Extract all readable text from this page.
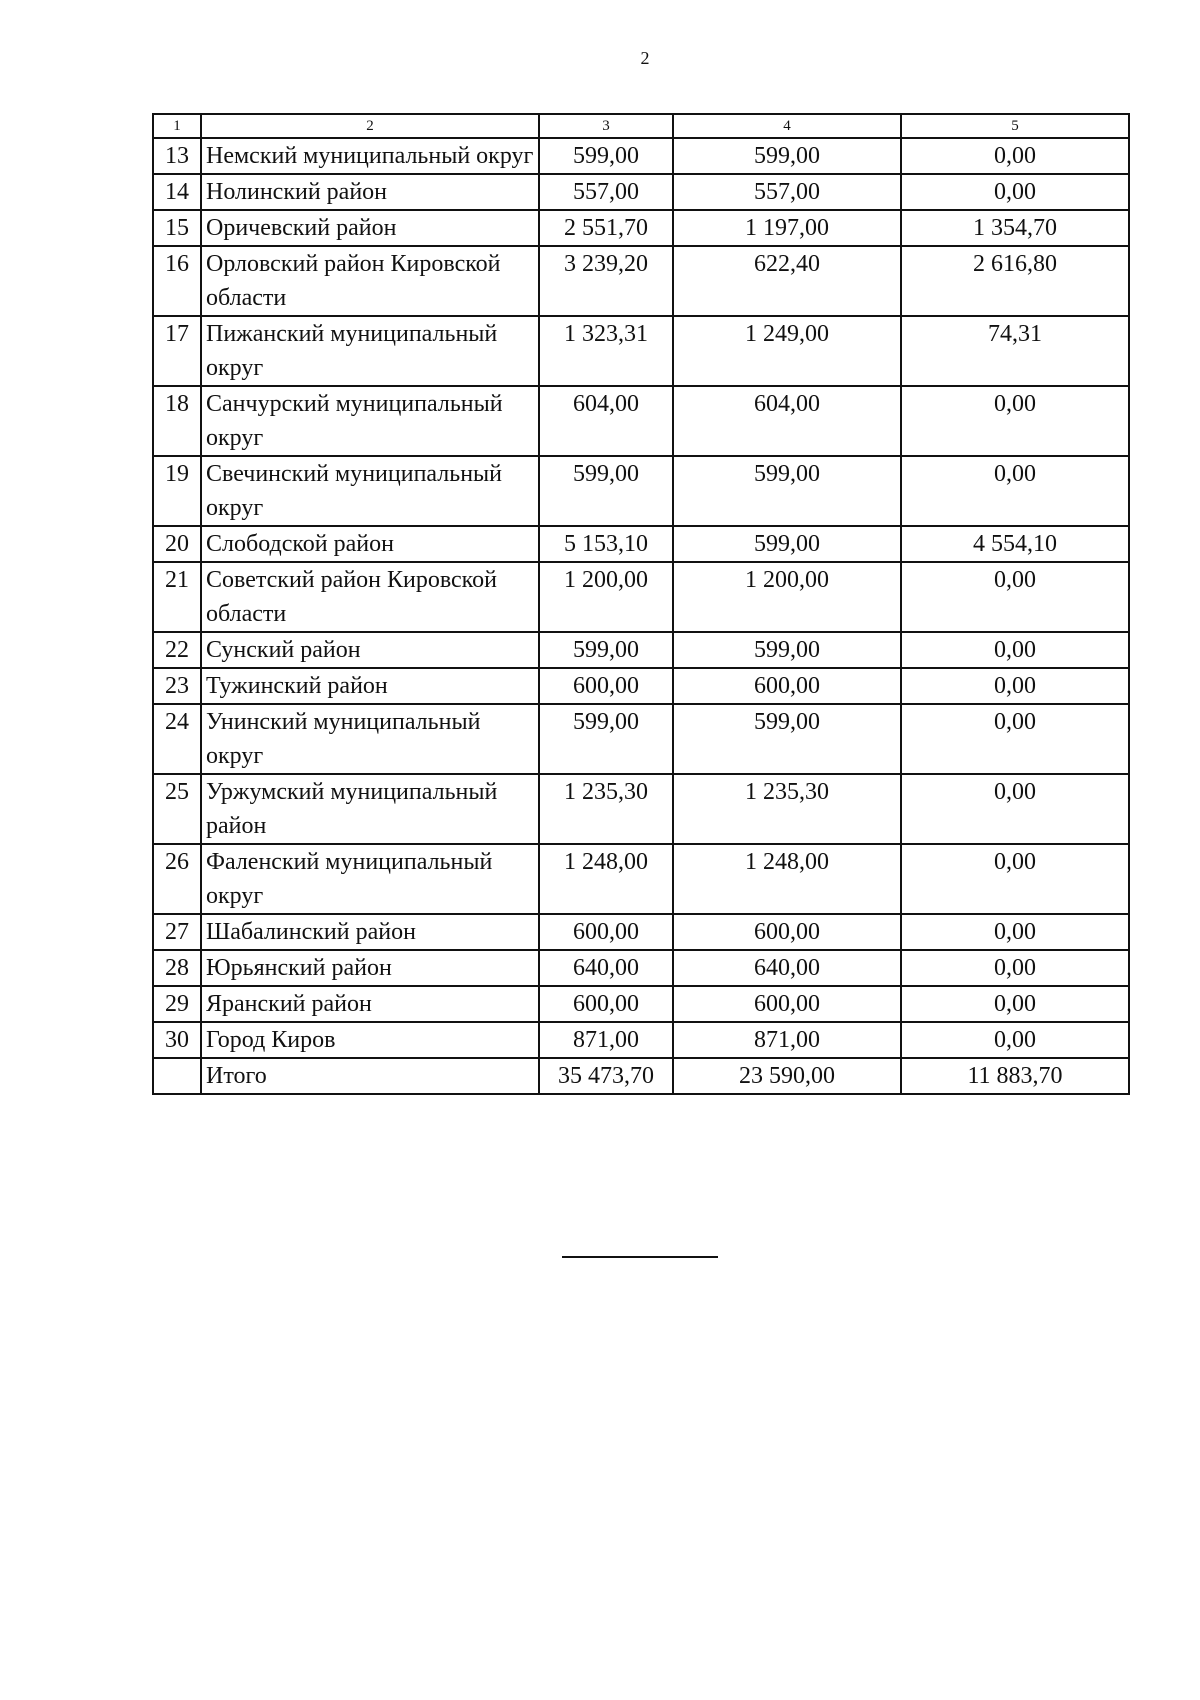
2
1	2	3	4	5
13	Немский муниципальный округ	599,00	599,00	0,00
14	Нолинский район	557,00	557,00	0,00
15	Оричевский район	2 551,70	1 197,00	1 354,70
16	Орловский район Кировской области	3 239,20	622,40	2 616,80
17	Пижанский муниципальный округ	1 323,31	1 249,00	74,31
18	Санчурский муниципальный округ	604,00	604,00	0,00
19	Свечинский муниципальный округ	599,00	599,00	0,00
20	Слободской район	5 153,10	599,00	4 554,10
21	Советский район Кировской области	1 200,00	1 200,00	0,00
22	Сунский район	599,00	599,00	0,00
23	Тужинский район	600,00	600,00	0,00
24	Унинский муниципальный округ	599,00	599,00	0,00
25	Уржумский муниципальный район	1 235,30	1 235,30	0,00
26	Фаленский муниципальный округ	1 248,00	1 248,00	0,00
27	Шабалинский район	600,00	600,00	0,00
28	Юрьянский район	640,00	640,00	0,00
29	Яранский район	600,00	600,00	0,00
30	Город Киров	871,00	871,00	0,00
	Итого	35 473,70	23 590,00	11 883,70
